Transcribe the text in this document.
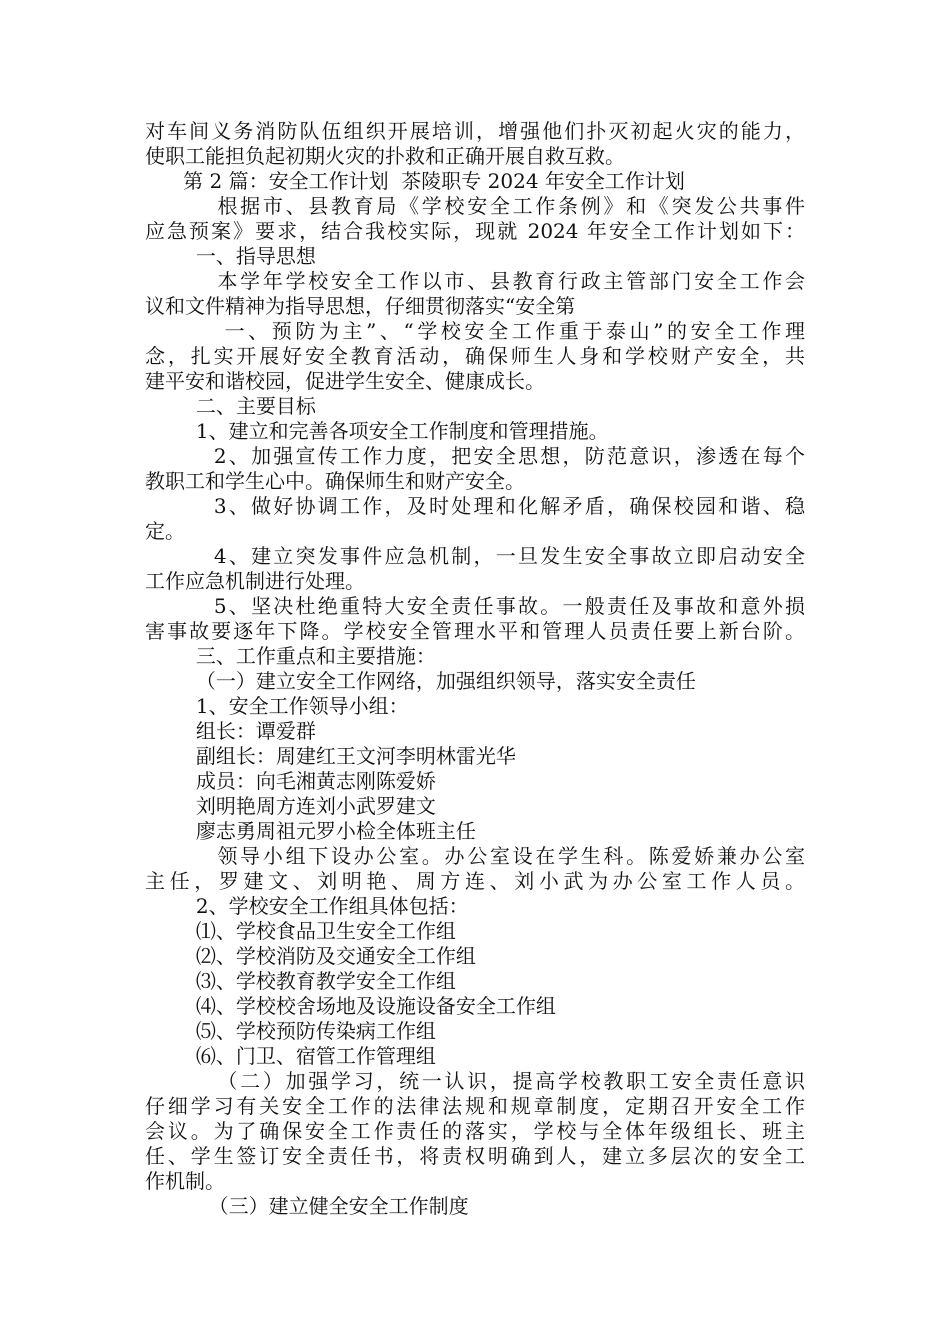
对车间义务消防队伍组织开展培训，增强他们扑灭初起火灾的能力，
使职工能担负起初期火灾的扑救和正确开展自救互救。
第 2 篇：安全工作计划  茶陵职专 2024 年安全工作计划
根据市、县教育局《学校安全工作条例》和《突发公共事件
应急预案》要求，结合我校实际，现就 2024 年安全工作计划如下：
一、指导思想
本学年学校安全工作以市、县教育行政主管部门安全工作会
议和文件精神为指导思想，仔细贯彻落实“安全第
一、预防为主”、“学校安全工作重于泰山”的安全工作理
念，扎实开展好安全教育活动，确保师生人身和学校财产安全，共
建平安和谐校园，促进学生安全、健康成长。
二、主要目标
1、建立和完善各项安全工作制度和管理措施。
2、加强宣传工作力度，把安全思想，防范意识，渗透在每个
教职工和学生心中。确保师生和财产安全。
3、做好协调工作，及时处理和化解矛盾，确保校园和谐、稳
定。
4、建立突发事件应急机制，一旦发生安全事故立即启动安全
工作应急机制进行处理。
5、坚决杜绝重特大安全责任事故。一般责任及事故和意外损
害事故要逐年下降。学校安全管理水平和管理人员责任要上新台阶。
三、工作重点和主要措施：
（一）建立安全工作网络，加强组织领导，落实安全责任
1、安全工作领导小组：
组长：谭爱群
副组长：周建红王文河李明林雷光华
成员：向毛湘黄志刚陈爱娇
刘明艳周方连刘小武罗建文
廖志勇周祖元罗小检全体班主任
领导小组下设办公室。办公室设在学生科。陈爱娇兼办公室
主任，罗建文、刘明艳、周方连、刘小武为办公室工作人员。
2、学校安全工作组具体包括：
⑴、学校食品卫生安全工作组
⑵、学校消防及交通安全工作组
⑶、学校教育教学安全工作组
⑷、学校校舍场地及设施设备安全工作组
⑸、学校预防传染病工作组
⑹、门卫、宿管工作管理组
（二）加强学习，统一认识，提高学校教职工安全责任意识
仔细学习有关安全工作的法律法规和规章制度，定期召开安全工作
会议。为了确保安全工作责任的落实，学校与全体年级组长、班主
任、学生签订安全责任书，将责权明确到人，建立多层次的安全工
作机制。
（三）建立健全安全工作制度
